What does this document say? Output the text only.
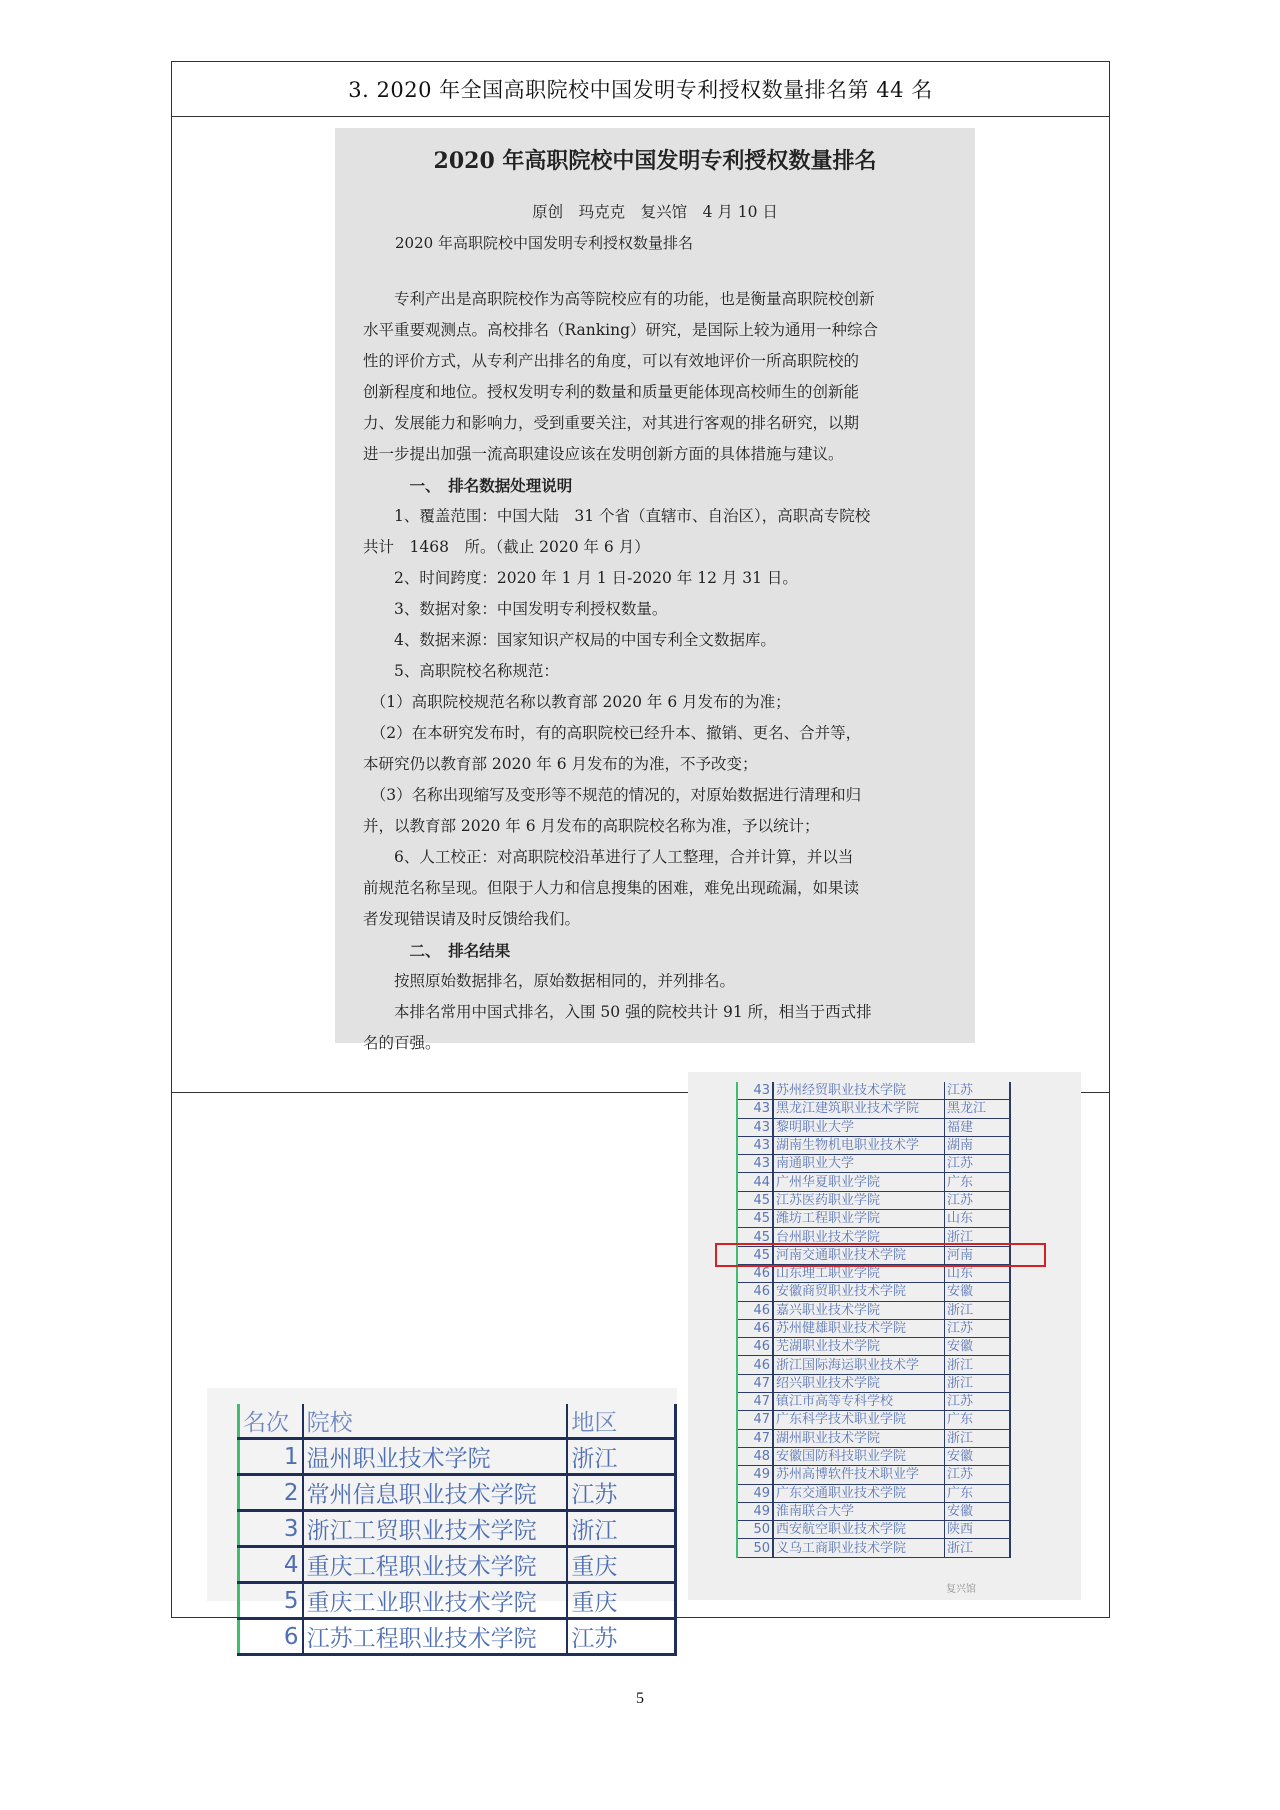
3. 2020 年全国高职院校中国发明专利授权数量排名第 44 名
2020 年高职院校中国发明专利授权数量排名
原创　玛克克　复兴馆　4 月 10 日
2020 年高职院校中国发明专利授权数量排名

　　专利产出是高职院校作为高等院校应有的功能，也是衡量高职院校创新

水平重要观测点。高校排名（Ranking）研究，是国际上较为通用一种综合

性的评价方式，从专利产出排名的角度，可以有效地评价一所高职院校的

创新程度和地位。授权发明专利的数量和质量更能体现高校师生的创新能

力、发展能力和影响力，受到重要关注，对其进行客观的排名研究，以期

进一步提出加强一流高职建设应该在发明创新方面的具体措施与建议。

　　　一、　排名数据处理说明

　　1、覆盖范围：中国大陆　31 个省（直辖市、自治区），高职高专院校

共计　1468　所。（截止 2020 年 6 月）

　　2、时间跨度：2020 年 1 月 1 日-2020 年 12 月 31 日。

　　3、数据对象：中国发明专利授权数量。

　　4、数据来源：国家知识产权局的中国专利全文数据库。

　　5、高职院校名称规范：

　（1）高职院校规范名称以教育部 2020 年 6 月发布的为准；

　（2）在本研究发布时，有的高职院校已经升本、撤销、更名、合并等，

本研究仍以教育部 2020 年 6 月发布的为准，不予改变；

　（3）名称出现缩写及变形等不规范的情况的，对原始数据进行清理和归

并，以教育部 2020 年 6 月发布的高职院校名称为准，予以统计；

　　6、人工校正：对高职院校沿革进行了人工整理，合并计算，并以当

前规范名称呈现。但限于人力和信息搜集的困难，难免出现疏漏，如果读

者发现错误请及时反馈给我们。

　　　二、　排名结果

　　按照原始数据排名，原始数据相同的，并列排名。

　　本排名常用中国式排名，入围 50 强的院校共计 91 所，相当于西式排

名的百强。

名次	院校	地区
1	温州职业技术学院	浙江
2	常州信息职业技术学院	江苏
3	浙江工贸职业技术学院	浙江
4	重庆工程职业技术学院	重庆
5	重庆工业职业技术学院	重庆
6	江苏工程职业技术学院	江苏
43	苏州经贸职业技术学院	江苏
43	黑龙江建筑职业技术学院	黑龙江
43	黎明职业大学	福建
43	湖南生物机电职业技术学	湖南
43	南通职业大学	江苏
44	广州华夏职业学院	广东
45	江苏医药职业学院	江苏
45	潍坊工程职业学院	山东
45	台州职业技术学院	浙江
45	河南交通职业技术学院	河南
46	山东理工职业学院	山东
46	安徽商贸职业技术学院	安徽
46	嘉兴职业技术学院	浙江
46	苏州健雄职业技术学院	江苏
46	芜湖职业技术学院	安徽
46	浙江国际海运职业技术学	浙江
47	绍兴职业技术学院	浙江
47	镇江市高等专科学校	江苏
47	广东科学技术职业学院	广东
47	湖州职业技术学院	浙江
48	安徽国防科技职业学院	安徽
49	苏州高博软件技术职业学	江苏
49	广东交通职业技术学院	广东
49	淮南联合大学	安徽
50	西安航空职业技术学院	陕西
50	义乌工商职业技术学院	浙江
复兴馆
5
